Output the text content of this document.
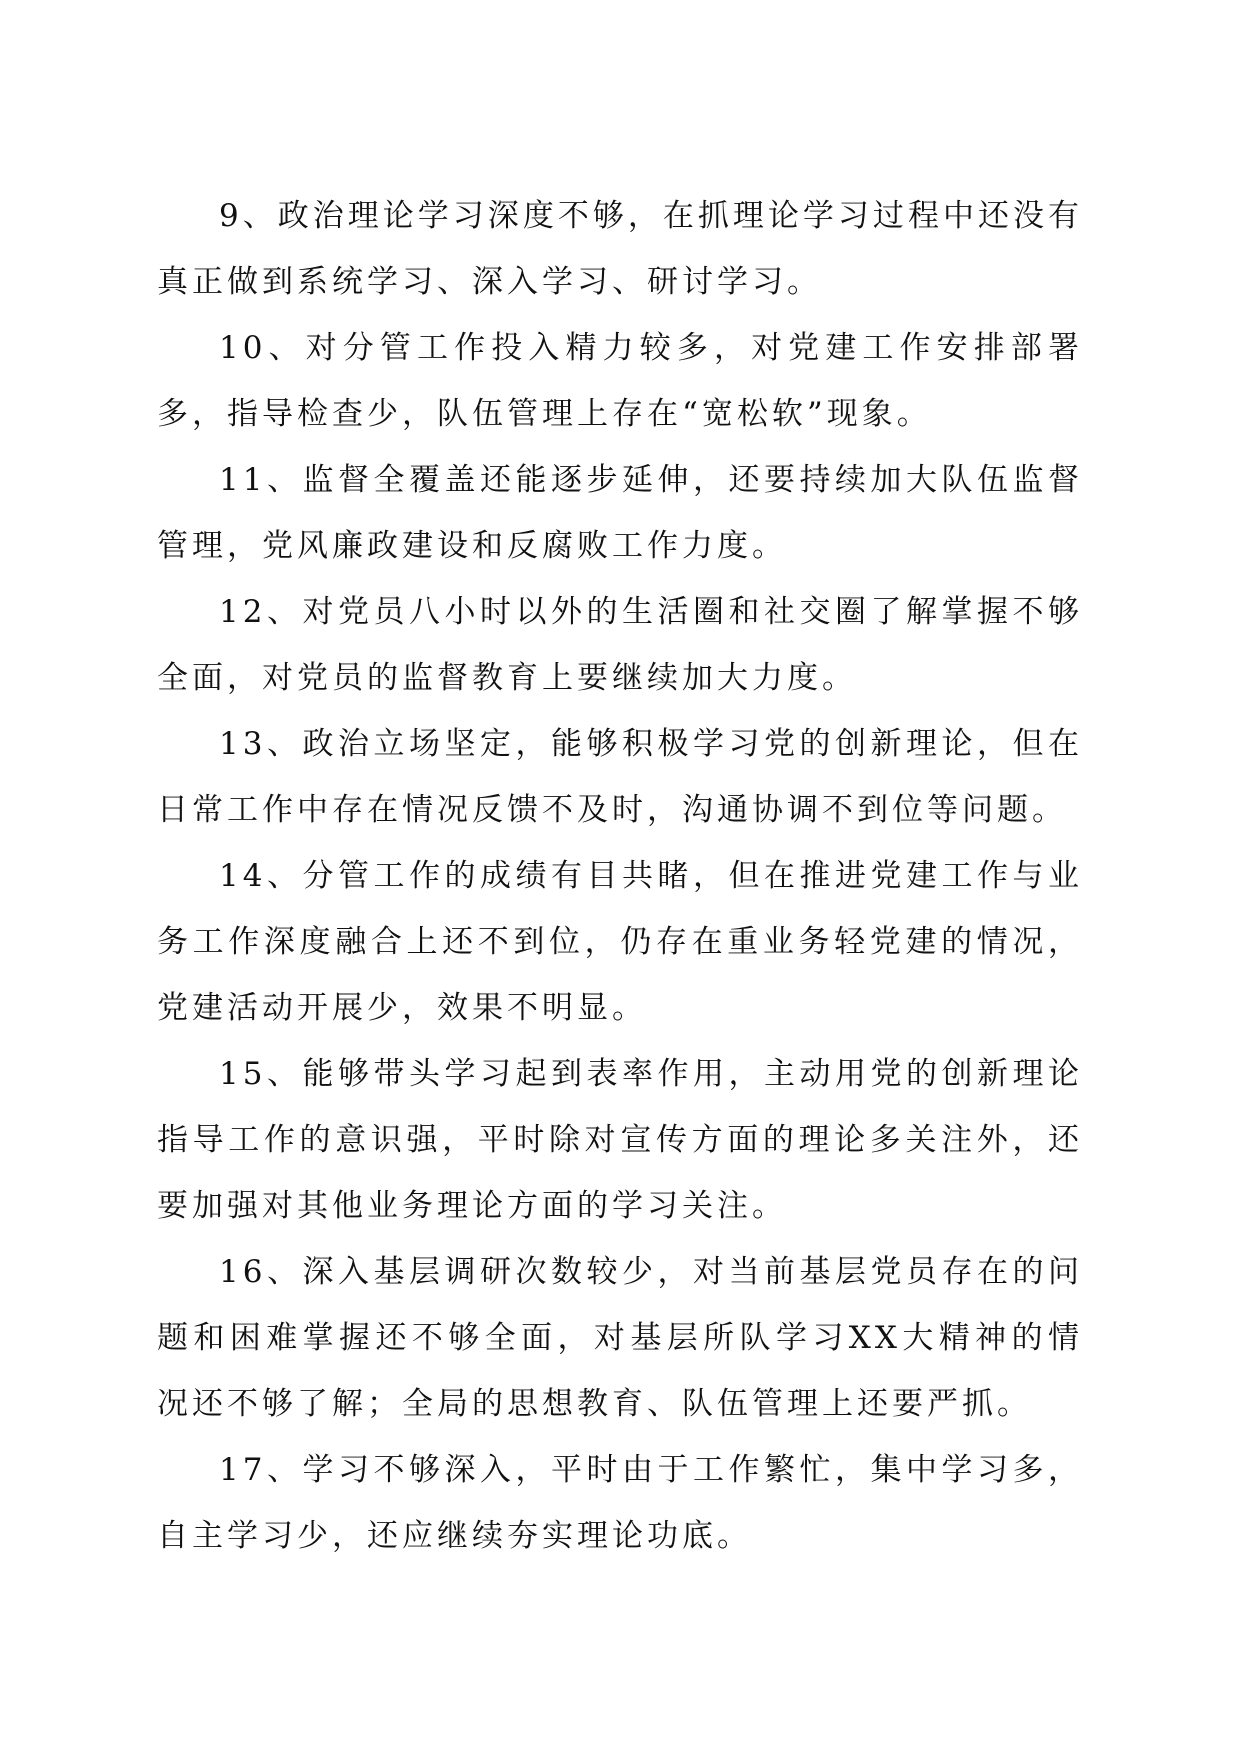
9、政治理论学习深度不够，在抓理论学习过程中还没有真正做到系统学习、深入学习、研讨学习。

10、对分管工作投入精力较多，对党建工作安排部署多，指导检查少，队伍管理上存在“宽松软”现象。

11、监督全覆盖还能逐步延伸，还要持续加大队伍监督管理，党风廉政建设和反腐败工作力度。

12、对党员八小时以外的生活圈和社交圈了解掌握不够全面，对党员的监督教育上要继续加大力度。

13、政治立场坚定，能够积极学习党的创新理论，但在日常工作中存在情况反馈不及时，沟通协调不到位等问题。

14、分管工作的成绩有目共睹，但在推进党建工作与业务工作深度融合上还不到位，仍存在重业务轻党建的情况，党建活动开展少，效果不明显。

15、能够带头学习起到表率作用，主动用党的创新理论指导工作的意识强，平时除对宣传方面的理论多关注外，还要加强对其他业务理论方面的学习关注。

16、深入基层调研次数较少，对当前基层党员存在的问题和困难掌握还不够全面，对基层所队学习XX大精神的情况还不够了解；全局的思想教育、队伍管理上还要严抓。

17、学习不够深入，平时由于工作繁忙，集中学习多，自主学习少，还应继续夯实理论功底。
